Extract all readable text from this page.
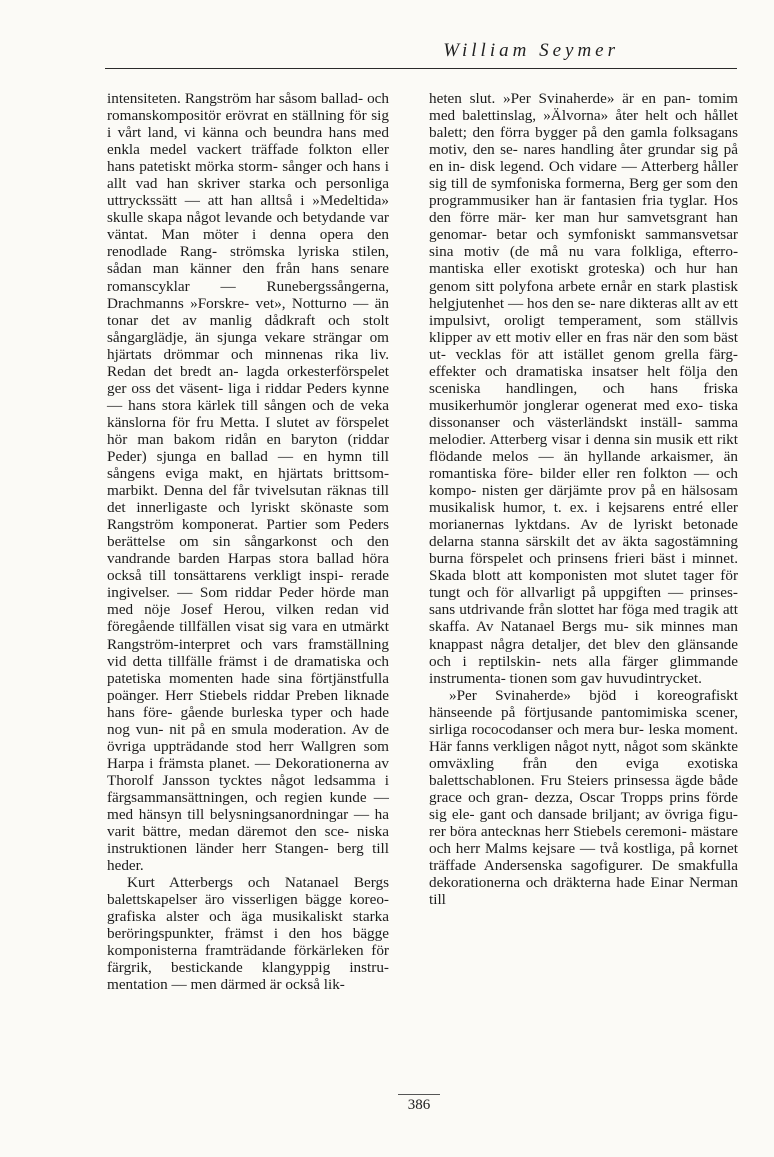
William Seymer

intensiteten. Rangström har såsom ballad- och romanskompositör erövrat en ställning för sig i vårt land, vi känna och beundra hans med enkla medel vackert träffade folkton eller hans patetiskt mörka storm- sånger och hans i allt vad han skriver starka och personliga uttryckssätt — att han alltså i »Medeltida» skulle skapa något levande och betydande var väntat. Man möter i denna opera den renodlade Rang- strömska lyriska stilen, sådan man känner den från hans senare romanscyklar — Runebergssångerna, Drachmanns »Forskre- vet», Notturno — än tonar det av manlig dådkraft och stolt sångarglädje, än sjunga vekare strängar om hjärtats drömmar och minnenas rika liv. Redan det bredt an- lagda orkesterförspelet ger oss det väsent- liga i riddar Peders kynne — hans stora kärlek till sången och de veka känslorna för fru Metta. I slutet av förspelet hör man bakom ridån en baryton (riddar Peder) sjunga en ballad — en hymn till sångens eviga makt, en hjärtats brittsom- marbikt. Denna del får tvivelsutan räknas till det innerligaste och lyriskt skönaste som Rangström komponerat. Partier som Peders berättelse om sin sångarkonst och den vandrande barden Harpas stora ballad höra också till tonsättarens verkligt inspi- rerade ingivelser. — Som riddar Peder hörde man med nöje Josef Herou, vilken redan vid föregående tillfällen visat sig vara en utmärkt Rangström-interpret och vars framställning vid detta tillfälle främst i de dramatiska och patetiska momenten hade sina förtjänstfulla poänger. Herr Stiebels riddar Preben liknade hans före- gående burleska typer och hade nog vun- nit på en smula moderation. Av de övriga uppträdande stod herr Wallgren som Harpa i främsta planet. — Dekorationerna av Thorolf Jansson tycktes något ledsamma i färgsammansättningen, och regien kunde — med hänsyn till belysningsanordningar — ha varit bättre, medan däremot den sce- niska instruktionen länder herr Stangen- berg till heder.

Kurt Atterbergs och Natanael Bergs balettskapelser äro visserligen bägge koreo- grafiska alster och äga musikaliskt starka beröringspunkter, främst i den hos bägge komponisterna framträdande förkärleken för färgrik, bestickande klangyppig instru- mentation — men därmed är också lik-

heten slut. »Per Svinaherde» är en pan- tomim med balettinslag, »Älvorna» åter helt och hållet balett; den förra bygger på den gamla folksagans motiv, den se- nares handling åter grundar sig på en in- disk legend. Och vidare — Atterberg håller sig till de symfoniska formerna, Berg ger som den programmusiker han är fantasien fria tyglar. Hos den förre mär- ker man hur samvetsgrant han genomar- betar och symfoniskt sammansvetsar sina motiv (de må nu vara folkliga, efterro- mantiska eller exotiskt groteska) och hur han genom sitt polyfona arbete ernår en stark plastisk helgjutenhet — hos den se- nare dikteras allt av ett impulsivt, oroligt temperament, som ställvis klipper av ett motiv eller en fras när den som bäst ut- vecklas för att istället genom grella färg- effekter och dramatiska insatser helt följa den sceniska handlingen, och hans friska musikerhumör jonglerar ogenerat med exo- tiska dissonanser och västerländskt inställ- samma melodier. Atterberg visar i denna sin musik ett rikt flödande melos — än hyllande arkaismer, än romantiska före- bilder eller ren folkton — och kompo- nisten ger därjämte prov på en hälsosam musikalisk humor, t. ex. i kejsarens entré eller morianernas lyktdans. Av de lyriskt betonade delarna stanna särskilt det av äkta sagostämning burna förspelet och prinsens frieri bäst i minnet. Skada blott att komponisten mot slutet tager för tungt och för allvarligt på uppgiften — prinses- sans utdrivande från slottet har föga med tragik att skaffa. Av Natanael Bergs mu- sik minnes man knappast några detaljer, det blev den glänsande och i reptilskin- nets alla färger glimmande instrumenta- tionen som gav huvudintrycket.

»Per Svinaherde» bjöd i koreografiskt hänseende på förtjusande pantomimiska scener, sirliga rococodanser och mera bur- leska moment. Här fanns verkligen något nytt, något som skänkte omväxling från den eviga exotiska balettschablonen. Fru Steiers prinsessa ägde både grace och gran- dezza, Oscar Tropps prins förde sig ele- gant och dansade briljant; av övriga figu- rer böra antecknas herr Stiebels ceremoni- mästare och herr Malms kejsare — två kostliga, på kornet träffade Andersenska sagofigurer. De smakfulla dekorationerna och dräkterna hade Einar Nerman till

386
